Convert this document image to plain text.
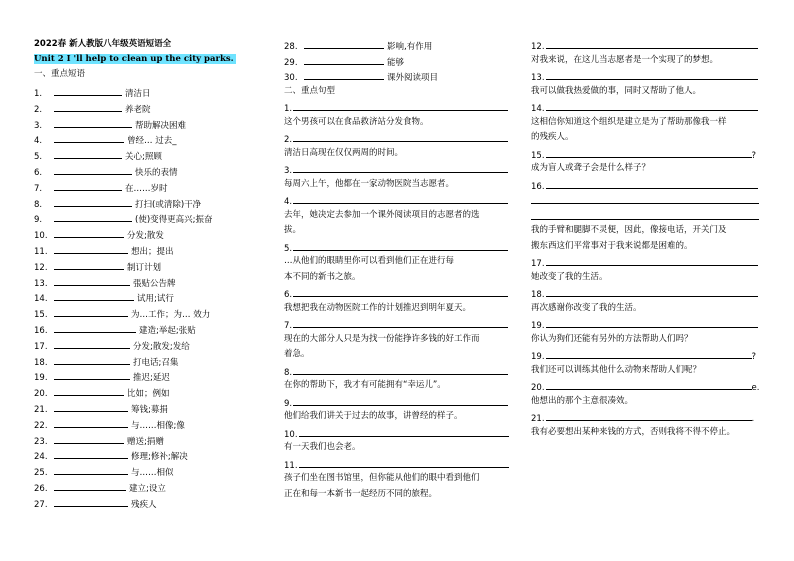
2022春 新人教版八年级英语短语全
Unit 2 I 'll help to clean up the city parks.
一、重点短语
1.	清洁日
2.	养老院
3.	帮助解决困难
4.	曾经… 过去_
5.	关心;照顾
6.	快乐的表情
7.	在……岁时
8.	打扫(或清除)干净
9.	(使)变得更高兴;振奋
10.	分发;散发
11.	想出；提出
12.	制订计划
13.	張贴公告牌
14.	试用;试行
15.	为…工作；为… 效力
16.	建造;举起;张贴
17.	分发;散发;发给
18.	打电话;召集
19.	推迟;延迟
20.	比如；例如
21.	筹钱;募捐
22.	与……相像;像
23.	赠送;捐赠
24.	修理;修补;解决
25.	与……相似
26.	建立;设立
27.	残疾人
28.	影响,有作用
29.	能够
30.	课外阅读项目
二、重点句型
1.
这个男孩可以在食品救济站分发食物。
2.
清洁日高现在仅仅两周的时间。
3.
每周六上午，他都在一家动物医院当志愿者。
4.
去年，她决定去参加一个课外阅读项目的志愿者的选
拔。
5.
…从他们的眼睛里你可以看到他们正在进行每
本不同的新书之旅。
6.
我想把我在动物医院工作的计划推迟到明年夏天。
7.
现在的大部分人只是为找一份能挣许多钱的好工作而
着急。
8.
在你的帮助下，我才有可能拥有“幸运儿”。
9.
他们给我们讲关于过去的故事，讲曾经的样子。
10.
有一天我们也会老。
11.
孩子们坐在图书馆里，但你能从他们的眼中看到他们
正在和每一本新书一起经历不同的旅程。
12.
对我来说，在这儿当志愿者是一个实现了的梦想。
13.
我可以做我热爱做的事，同时又帮助了他人。
14.
这相信你知道这个组织是建立是为了帮助那像我一样
的残疾人。
15.	?
成为盲人或聋子会是什么样子？
16.
我的手臂和腿脚不灵便，因此，像接电话，开关门及
搬东西这们平常事对于我来说都是困难的。
17.
她改变了我的生活。
18.
再次感谢你改变了我的生活。
19.
你认为狗们还能有另外的方法帮助人们吗？
19.	?
我们还可以训练其他什么动物来帮助人们呢？
20.	e.
他想出的那个主意很凑效。
21.	.
我有必要想出某种来钱的方式，否则我将不得不停止。
